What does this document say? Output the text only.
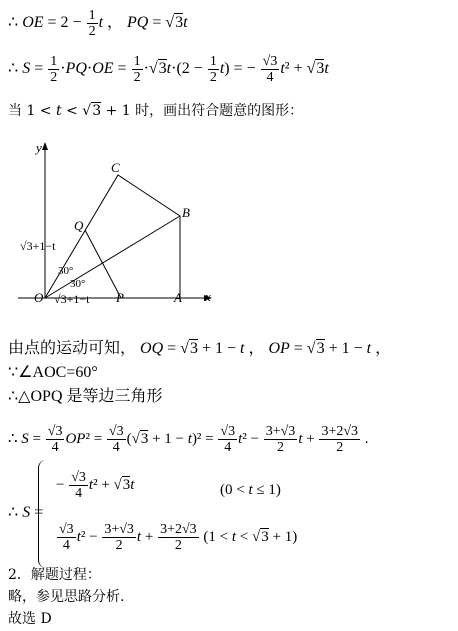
∴ OE = $2 - \frac{1}{2}$ t ， PQ = √3t
∴ $S = \frac{1}{2} \cdot PQ\cdot OE = \frac{1}{2} \cdot√3t\cdot(2 - \frac{1}{2} t)$ = − $\frac{√3}{4} t^2 + √3t$
当 1 < t < √3 + 1 时，画出符合题意的图形：
y
x
C
B
Q
O	P	A
√3+1−t
√3+1−t
30°
30°
由点的运动可知， OQ = √3 + 1 − t ， OP = √3 + 1 − t ，
∵∠AOC=60°
∴△OPQ 是等边三角形
∴ $S = \frac{√3}{4} OP^2 = \frac{√3}{4} (√3 + 1 - t)^2 = \frac{√3}{4} t^2 - \frac{3+√3}{2}$ $t + \frac{3+2√3}{2}$ .
∴ S =
− $\frac{√3}{4} t^2 + √3t$	(0 < t ≤ 1)
$\frac{√3}{4} t^2 - \frac{3+√3}{2}$ $t + \frac{3+2√3}{2} (1 < t < √3 + 1)$
2．解题过程：
略，参见思路分析.
故选 D
